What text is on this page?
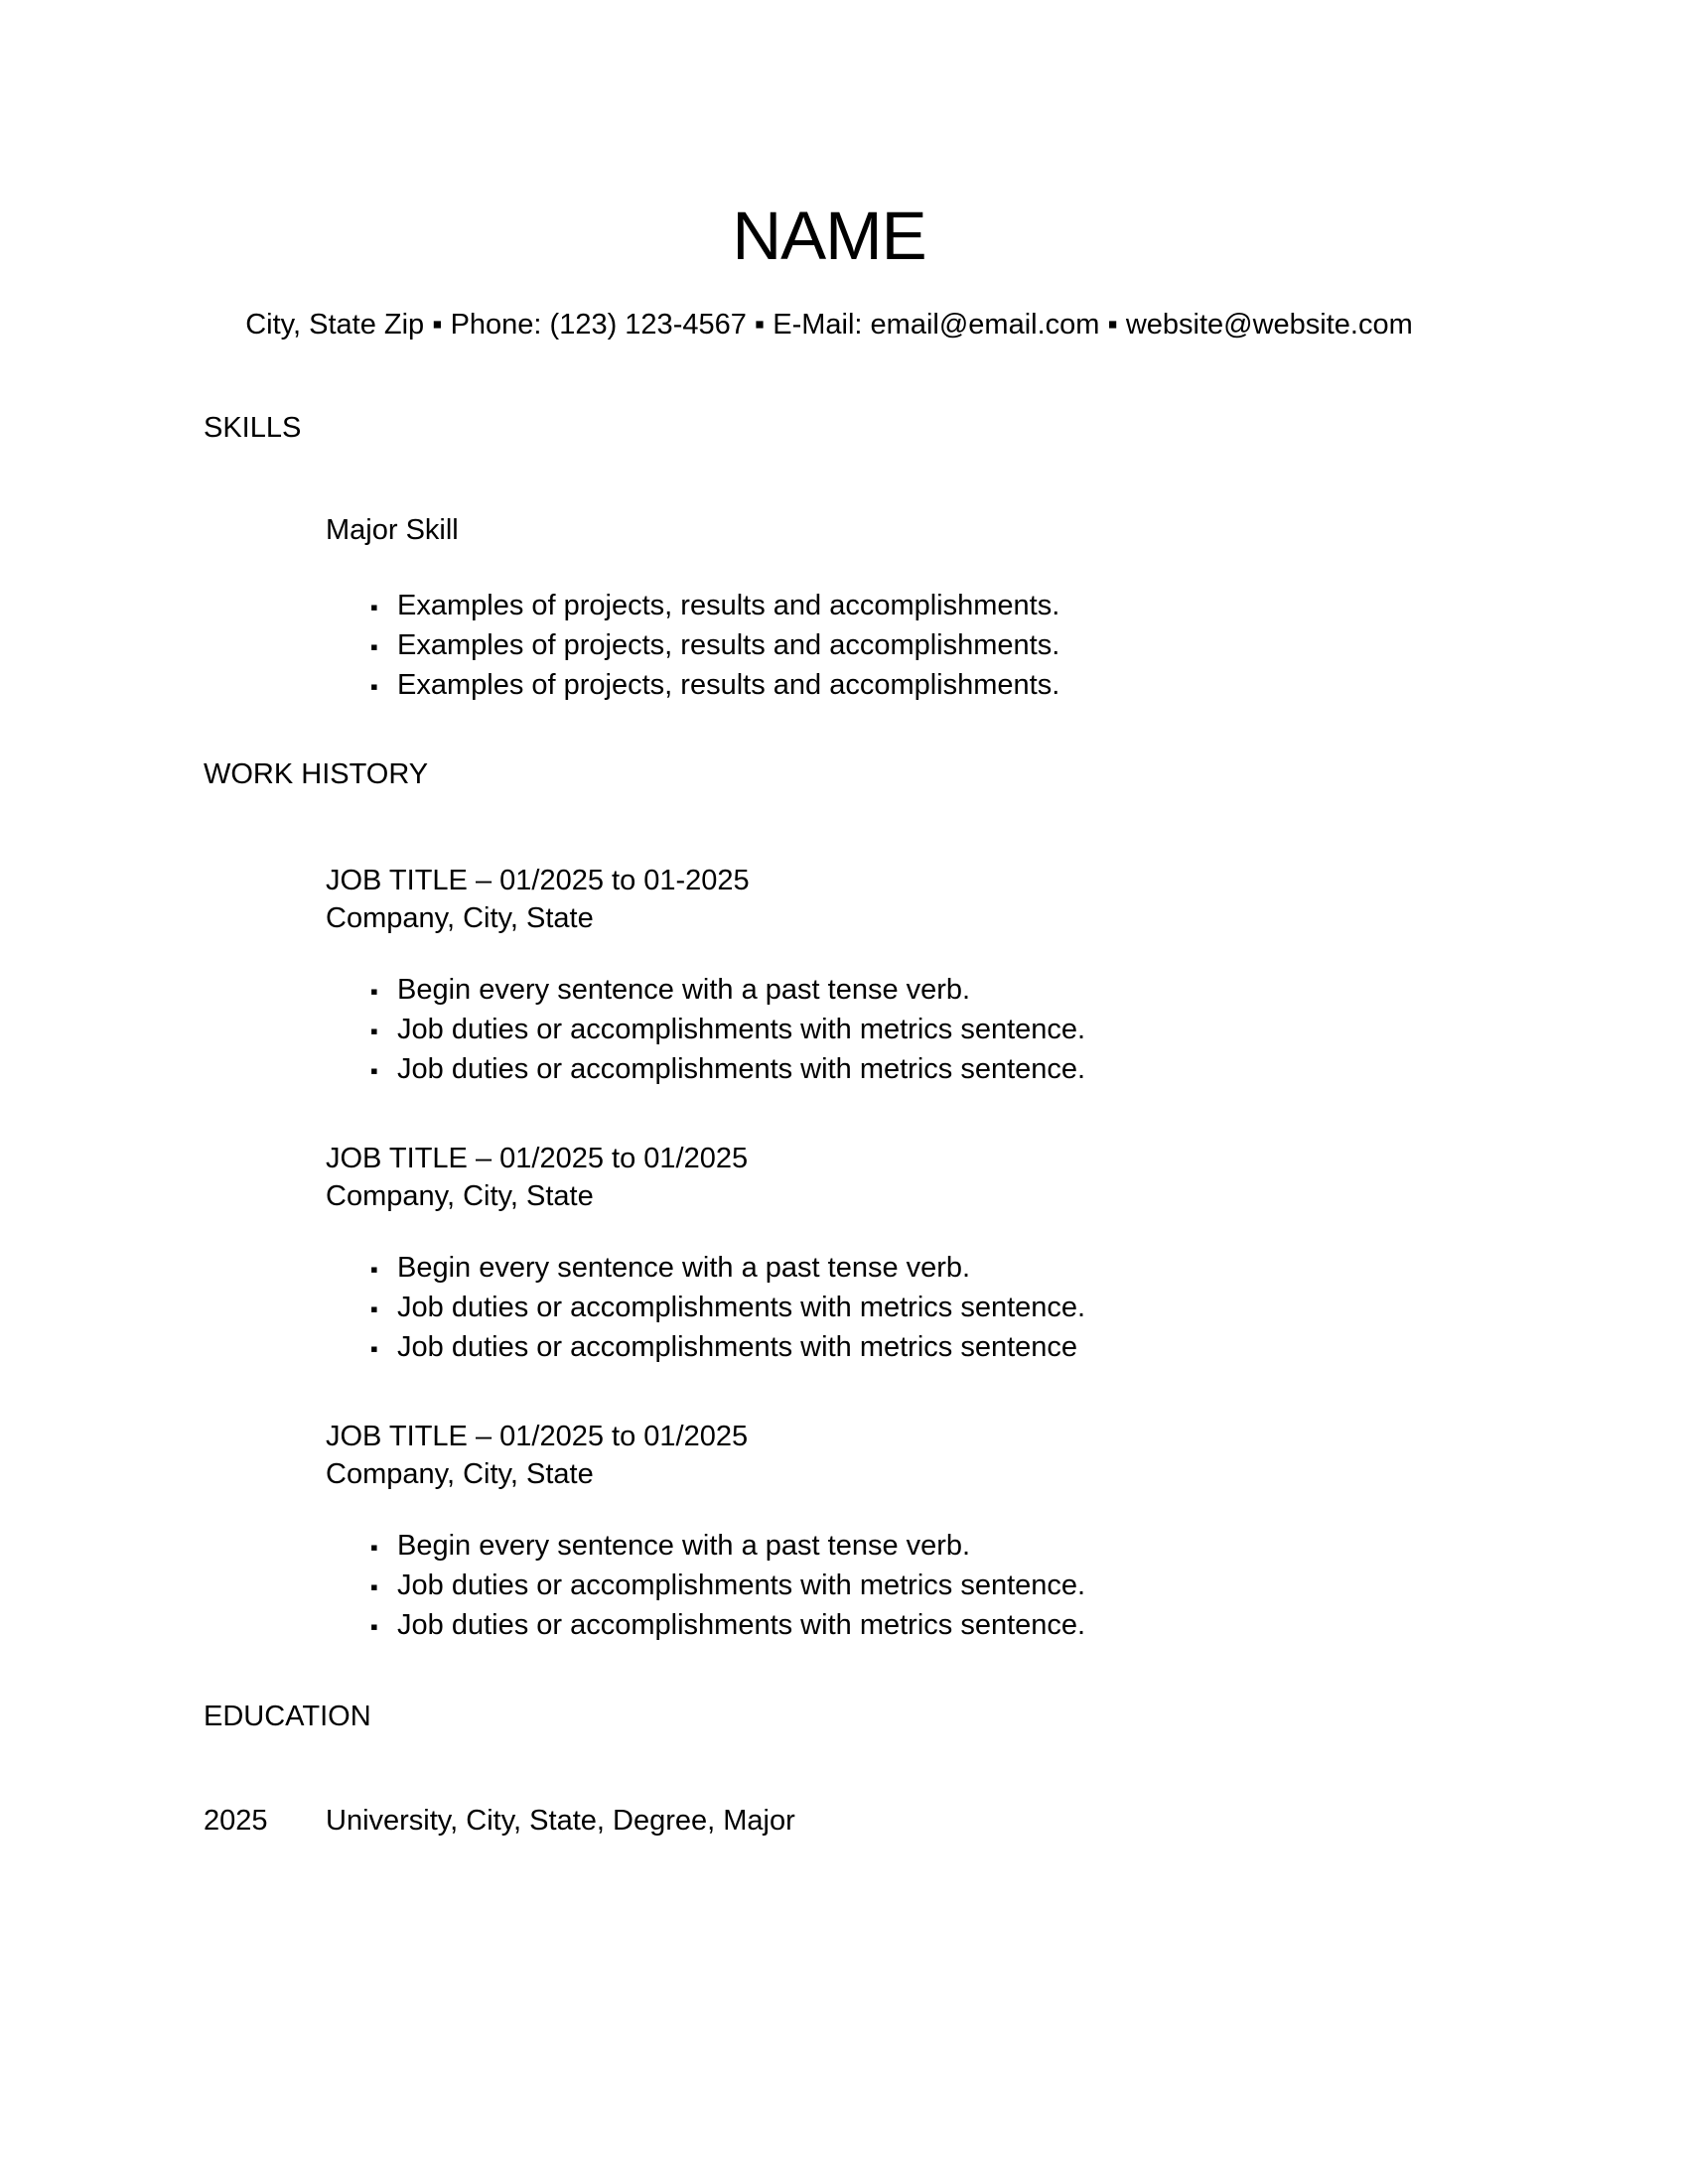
NAME
City, State Zip ▪ Phone: (123) 123-4567 ▪ E-Mail: email@email.com ▪ website@website.com
SKILLS
Major Skill
▪ Examples of projects, results and accomplishments.
▪ Examples of projects, results and accomplishments.
▪ Examples of projects, results and accomplishments.
WORK HISTORY
JOB TITLE – 01/2025 to 01-2025
Company, City, State
▪ Begin every sentence with a past tense verb.
▪ Job duties or accomplishments with metrics sentence.
▪ Job duties or accomplishments with metrics sentence.
JOB TITLE – 01/2025 to 01/2025
Company, City, State
▪ Begin every sentence with a past tense verb.
▪ Job duties or accomplishments with metrics sentence.
▪ Job duties or accomplishments with metrics sentence
JOB TITLE – 01/2025 to 01/2025
Company, City, State
▪ Begin every sentence with a past tense verb.
▪ Job duties or accomplishments with metrics sentence.
▪ Job duties or accomplishments with metrics sentence.
EDUCATION
2025	University, City, State, Degree, Major
